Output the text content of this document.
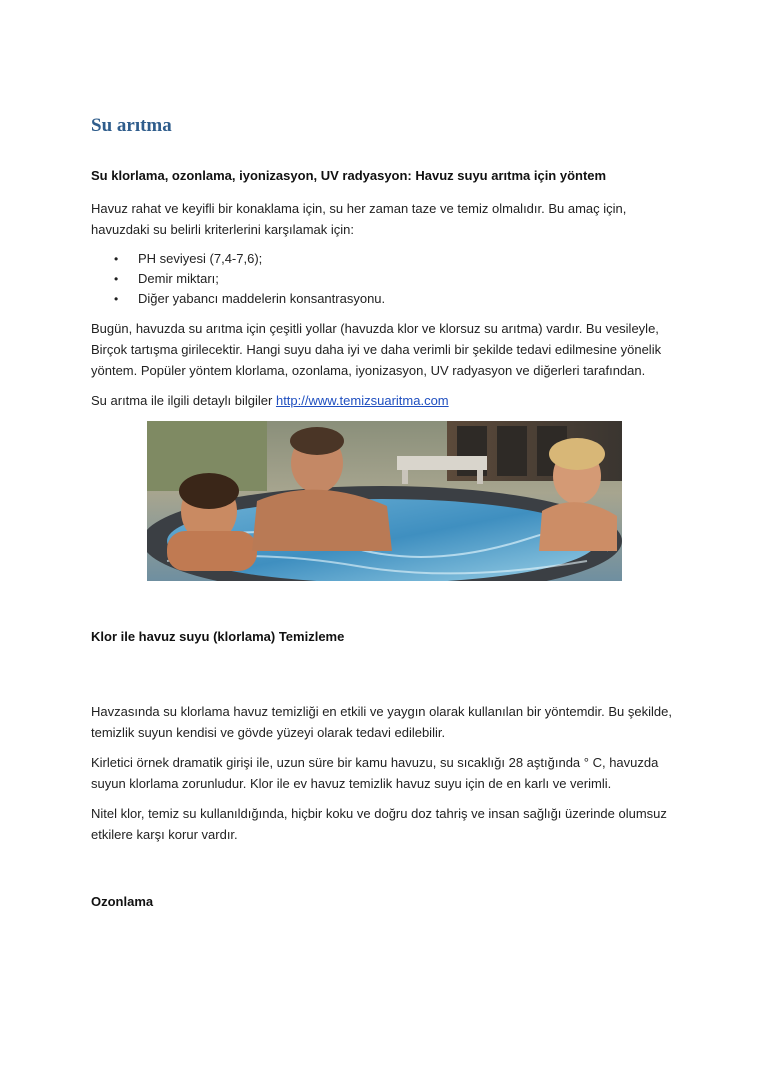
Su arıtma
Su klorlama, ozonlama, iyonizasyon, UV radyasyon: Havuz suyu arıtma için yöntem

Havuz rahat ve keyifli bir konaklama için, su her zaman taze ve temiz olmalıdır. Bu amaç için, havuzdaki su belirli kriterlerini karşılamak için:

• PH seviyesi (7,4-7,6);
• Demir miktarı;
• Diğer yabancı maddelerin konsantrasyonu.

Bugün, havuzda su arıtma için çeşitli yollar (havuzda klor ve klorsuz su arıtma) vardır. Bu vesileyle, Birçok tartışma girilecektir. Hangi suyu daha iyi ve daha verimli bir şekilde tedavi edilmesine yönelik yöntem. Popüler yöntem klorlama, ozonlama, iyonizasyon, UV radyasyon ve diğerleri tarafından.

Su arıtma ile ilgili detaylı bilgiler http://www.temizsuaritma.com

Klor ile havuz suyu (klorlama) Temizleme

Havzasında su klorlama havuz temizliği en etkili ve yaygın olarak kullanılan bir yöntemdir. Bu şekilde, temizlik suyun kendisi ve gövde yüzeyi olarak tedavi edilebilir.

Kirletici örnek dramatik girişi ile, uzun süre bir kamu havuzu, su sıcaklığı 28 aştığında ° C, havuzda suyun klorlama zorunludur. Klor ile ev havuz temizlik havuz suyu için de en karlı ve verimli.

Nitel klor, temiz su kullanıldığında, hiçbir koku ve doğru doz tahriş ve insan sağlığı üzerinde olumsuz etkilere karşı korur vardır.

Ozonlama
